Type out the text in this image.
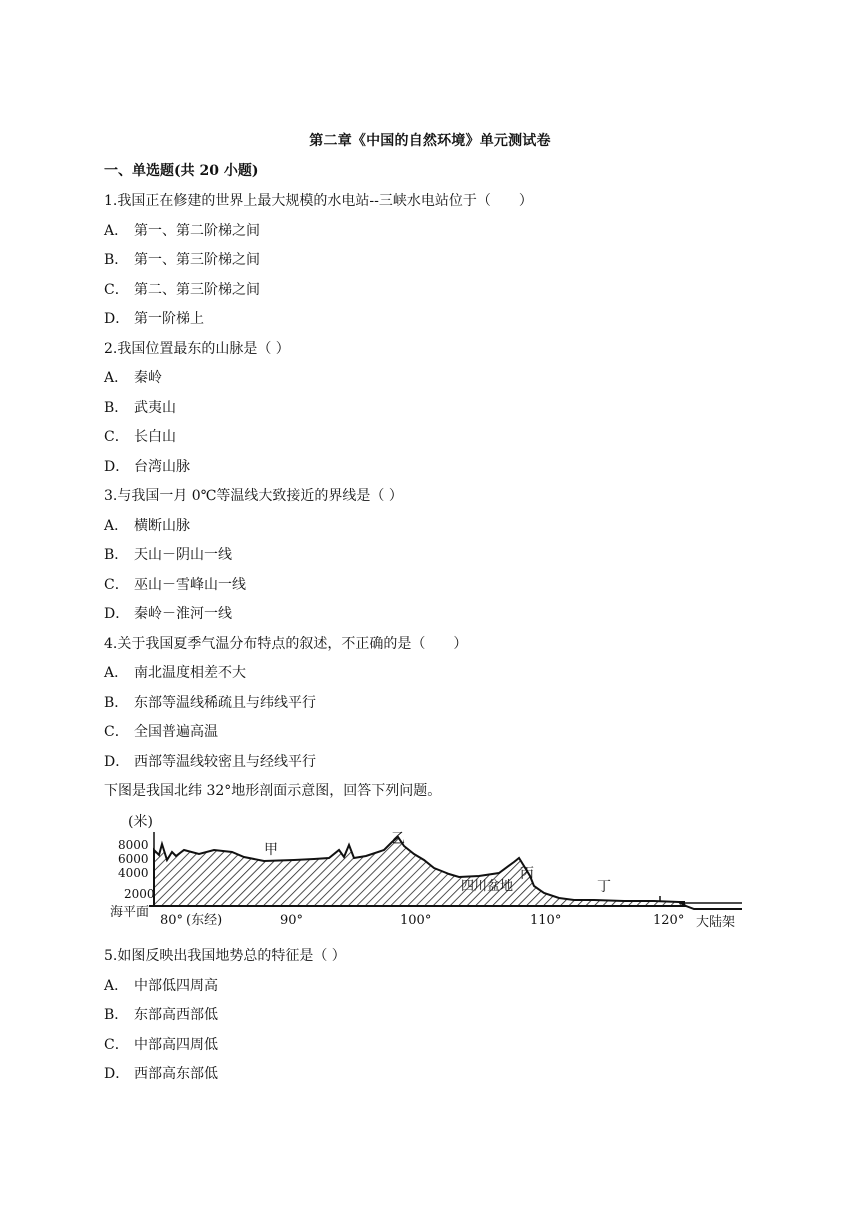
第二章《中国的自然环境》单元测试卷
一、单选题(共 20 小题)
1.我国正在修建的世界上最大规模的水电站--三峡水电站位于（　　）
A． 第一、第二阶梯之间
B． 第一、第三阶梯之间
C． 第二、第三阶梯之间
D． 第一阶梯上
2.我国位置最东的山脉是（ ）
A． 秦岭
B． 武夷山
C． 长白山
D． 台湾山脉
3.与我国一月 0℃等温线大致接近的界线是（ ）
A． 横断山脉
B． 天山－阴山一线
C． 巫山－雪峰山一线
D． 秦岭－淮河一线
4.关于我国夏季气温分布特点的叙述，不正确的是（　　）
A． 南北温度相差不大
B． 东部等温线稀疏且与纬线平行
C． 全国普遍高温
D． 西部等温线较密且与经线平行
下图是我国北纬 32°地形剖面示意图，回答下列问题。
(米)
8000
6000
4000
2000
海平面
80° (东经)	90°	100°	110°	120° 大陆架
甲
乙
四川盆地
丙
丁
5.如图反映出我国地势总的特征是（ ）
A． 中部低四周高
B． 东部高西部低
C． 中部高四周低
D． 西部高东部低
